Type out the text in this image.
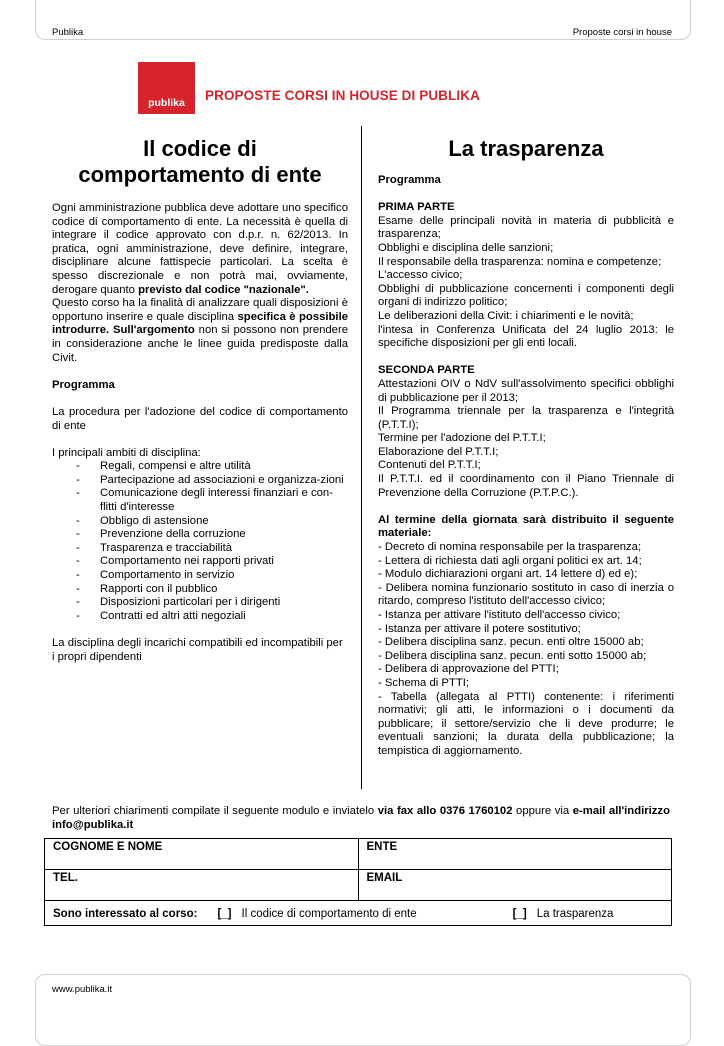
Publika	Proposte corsi in house
publika	PROPOSTE CORSI IN HOUSE DI PUBLIKA
Il codice di
comportamento di ente

Ogni amministrazione pubblica deve adottare uno specifico codice di comportamento di ente. La necessità è quella di integrare il codice approvato con d.p.r. n. 62/2013. In pratica, ogni amministrazione, deve definire, integrare, disciplinare alcune fattispecie particolari. La scelta è spesso discrezionale e non potrà mai, ovviamente, derogare quanto previsto dal codice "nazionale".

Questo corso ha la finalità di analizzare quali disposizioni è opportuno inserire e quale disciplina specifica è possibile introdurre. Sull'argomento non si possono non prendere in considerazione anche le linee guida predisposte dalla Civit.

Programma

La procedura per l'adozione del codice di comportamento di ente

I principali ambiti di disciplina:

- Regali, compensi e altre utilità
- Partecipazione ad associazioni e organizza-zioni
- Comunicazione degli interessi finanziari e con-flitti d'interesse
- Obbligo di astensione
- Prevenzione della corruzione
- Trasparenza e tracciabilità
- Comportamento nei rapporti privati
- Comportamento in servizio
- Rapporti con il pubblico
- Disposizioni particolari per i dirigenti
- Contratti ed altri atti negoziali

La disciplina degli incarichi compatibili ed incompatibili per i propri dipendenti

La trasparenza

Programma

PRIMA PARTE

Esame delle principali novità in materia di pubblicità e trasparenza;
Obblighi e disciplina delle sanzioni;
Il responsabile della trasparenza: nomina e competenze;
L'accesso civico;
Obblighi di pubblicazione concernenti i componenti degli organi di indirizzo politico;
Le deliberazioni della Civit: i chiarimenti e le novità;
l'intesa in Conferenza Unificata del 24 luglio 2013: le specifiche disposizioni per gli enti locali.

SECONDA PARTE

Attestazioni OIV o NdV sull'assolvimento specifici obblighi di pubblicazione per il 2013;
Il Programma triennale per la trasparenza e l'integrità (P.T.T.I);
Termine per l'adozione del P.T.T.I;
Elaborazione del P.T.T.I;
Contenuti del P.T.T.I;
Il P.T.T.I. ed il coordinamento con il Piano Triennale di Prevenzione della Corruzione (P.T.P.C.).

Al termine della giornata sarà distribuito il seguente materiale:

- Decreto di nomina responsabile per la trasparenza;
- Lettera di richiesta dati agli organi politici ex art. 14;
- Modulo dichiarazioni organi art. 14 lettere d) ed e);
- Delibera nomina funzionario sostituto in caso di inerzia o ritardo, compreso l'istituto dell'accesso civico;
- Istanza per attivare l'istituto dell'accesso civico;
- Istanza per attivare il potere sostitutivo;
- Delibera disciplina sanz. pecun. enti oltre 15000 ab;
- Delibera disciplina sanz. pecun. enti sotto 15000 ab;
- Delibera di approvazione del PTTI;
- Schema di PTTI;
- Tabella (allegata al PTTI) contenente: i riferimenti normativi; gli atti, le informazioni o i documenti da pubblicare; il settore/servizio che li deve produrre; le eventuali sanzioni; la durata della pubblicazione; la tempistica di aggiornamento.
Per ulteriori chiarimenti compilate il seguente modulo e inviatelo via fax allo 0376 1760102 oppure via e-mail all'indirizzo info@publika.it
COGNOME E NOME	ENTE
TEL.	EMAIL

Sono interessato al corso: [_] Il codice di comportamento di ente [_] La trasparenza	
www.publika.it
